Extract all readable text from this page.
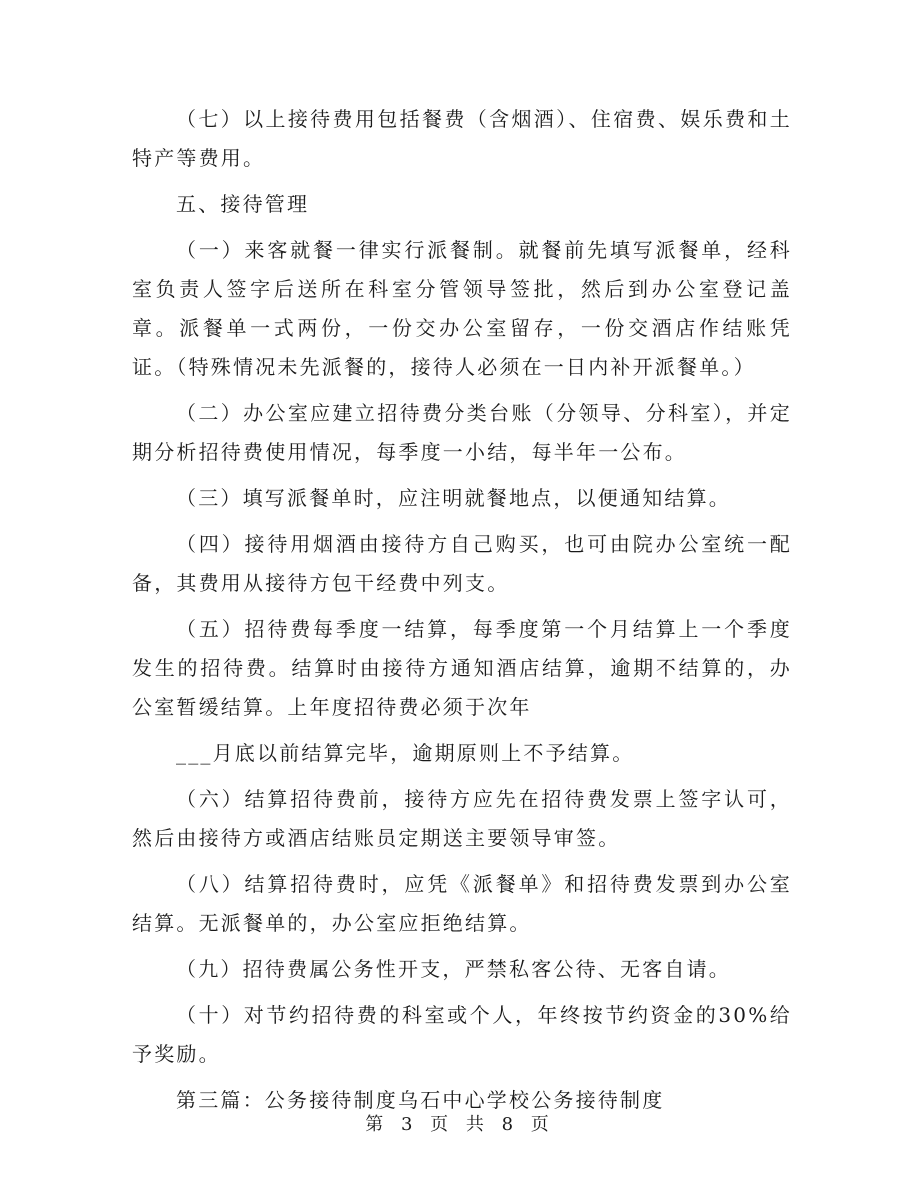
（七）以上接待费用包括餐费（含烟酒）、住宿费、娱乐费和土特产等费用。

五、接待管理

（一）来客就餐一律实行派餐制。就餐前先填写派餐单，经科室负责人签字后送所在科室分管领导签批，然后到办公室登记盖章。派餐单一式两份，一份交办公室留存，一份交酒店作结账凭证。（特殊情况未先派餐的，接待人必须在一日内补开派餐单。）

（二）办公室应建立招待费分类台账（分领导、分科室），并定期分析招待费使用情况，每季度一小结，每半年一公布。

（三）填写派餐单时，应注明就餐地点，以便通知结算。

（四）接待用烟酒由接待方自己购买，也可由院办公室统一配备，其费用从接待方包干经费中列支。

（五）招待费每季度一结算，每季度第一个月结算上一个季度发生的招待费。结算时由接待方通知酒店结算，逾期不结算的，办公室暂缓结算。上年度招待费必须于次年

___月底以前结算完毕，逾期原则上不予结算。

（六）结算招待费前，接待方应先在招待费发票上签字认可，然后由接待方或酒店结账员定期送主要领导审签。

（八）结算招待费时，应凭《派餐单》和招待费发票到办公室结算。无派餐单的，办公室应拒绝结算。

（九）招待费属公务性开支，严禁私客公待、无客自请。

（十）对节约招待费的科室或个人，年终按节约资金的30%给予奖励。

第三篇：公务接待制度乌石中心学校公务接待制度

第 3 页 共 8 页
